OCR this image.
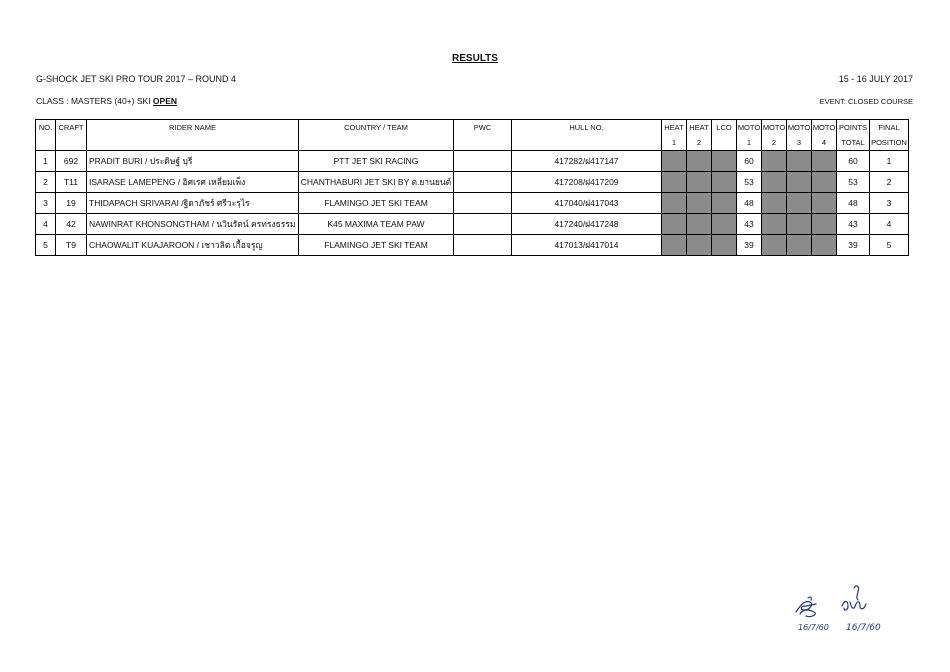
RESULTS
G-SHOCK JET SKI PRO TOUR 2017 – ROUND 4	15 - 16 JULY 2017
CLASS : MASTERS (40+) SKI OPEN	EVENT: CLOSED COURSE
NO.	CRAFT	RIDER NAME	COUNTRY / TEAM	PWC	HULL NO.	HEAT	HEAT	LCO	MOTO	MOTO	MOTO	MOTO	POINTS	FINAL
						1	2		1	2	3	4	TOTAL	POSITION
1	692	PRADIT BURI / ประดิษฐ์ บุรี	PTT JET SKI RACING		417282/ฝ417147				60				60	1
2	T11	ISARASE LAMEPENG / อิศเรศ เหลี่ยมเพ็ง	CHANTHABURI JET SKI BY ต.ยานยนต์		417208/ฝ417209				53				53	2
3	19	THIDAPACH SRIVARAI /ฐิดาภัชร์ ศรีวะรุไร	FLAMINGO JET SKI TEAM		417040/ฝ417043				48				48	3
4	42	NAWINRAT KHONSONGTHAM / นวินรัตน์ ครทรงธรรม	K45 MAXIMA TEAM PAW		417240/ฝ417248				43				43	4
5	T9	CHAOWALIT KUAJAROON / เชาวลิต เกื้อจรูญ	FLAMINGO JET SKI TEAM		417013/ฝ417014				39				39	5
16/7/60 16/7/60
